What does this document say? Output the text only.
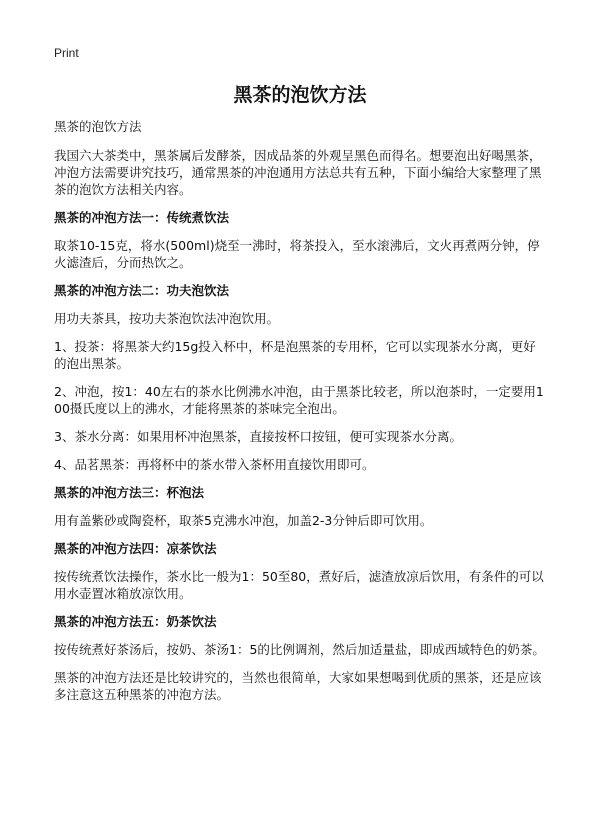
Print
黑茶的泡饮方法

黑茶的泡饮方法

我国六大茶类中，黑茶属后发酵茶，因成品茶的外观呈黑色而得名。想要泡出好喝黑茶，冲泡方法需要讲究技巧，通常黑茶的冲泡通用方法总共有五种，下面小编给大家整理了黑茶的泡饮方法相关内容。

黑茶的冲泡方法一：传统煮饮法

取茶10-15克，将水(500ml)烧至一沸时，将茶投入，至水滚沸后，文火再煮两分钟，停火滤渣后，分而热饮之。

黑茶的冲泡方法二：功夫泡饮法

用功夫茶具，按功夫茶泡饮法冲泡饮用。

1、投茶：将黑茶大约15g投入杯中，杯是泡黑茶的专用杯，它可以实现茶水分离，更好的泡出黑茶。

2、冲泡，按1：40左右的茶水比例沸水冲泡，由于黑茶比较老，所以泡茶时，一定要用100摄氏度以上的沸水，才能将黑茶的茶味完全泡出。

3、茶水分离：如果用杯冲泡黑茶，直接按杯口按钮，便可实现茶水分离。

4、品茗黑茶：再将杯中的茶水带入茶杯用直接饮用即可。

黑茶的冲泡方法三：杯泡法

用有盖紫砂或陶瓷杯，取茶5克沸水冲泡，加盖2-3分钟后即可饮用。

黑茶的冲泡方法四：凉茶饮法

按传统煮饮法操作，茶水比一般为1：50至80，煮好后，滤渣放凉后饮用，有条件的可以用水壶置冰箱放凉饮用。

黑茶的冲泡方法五：奶茶饮法

按传统煮好茶汤后，按奶、茶汤1：5的比例调剂，然后加适量盐，即成西域特色的奶茶。

黑茶的冲泡方法还是比较讲究的，当然也很简单，大家如果想喝到优质的黑茶，还是应该多注意这五种黑茶的冲泡方法。
